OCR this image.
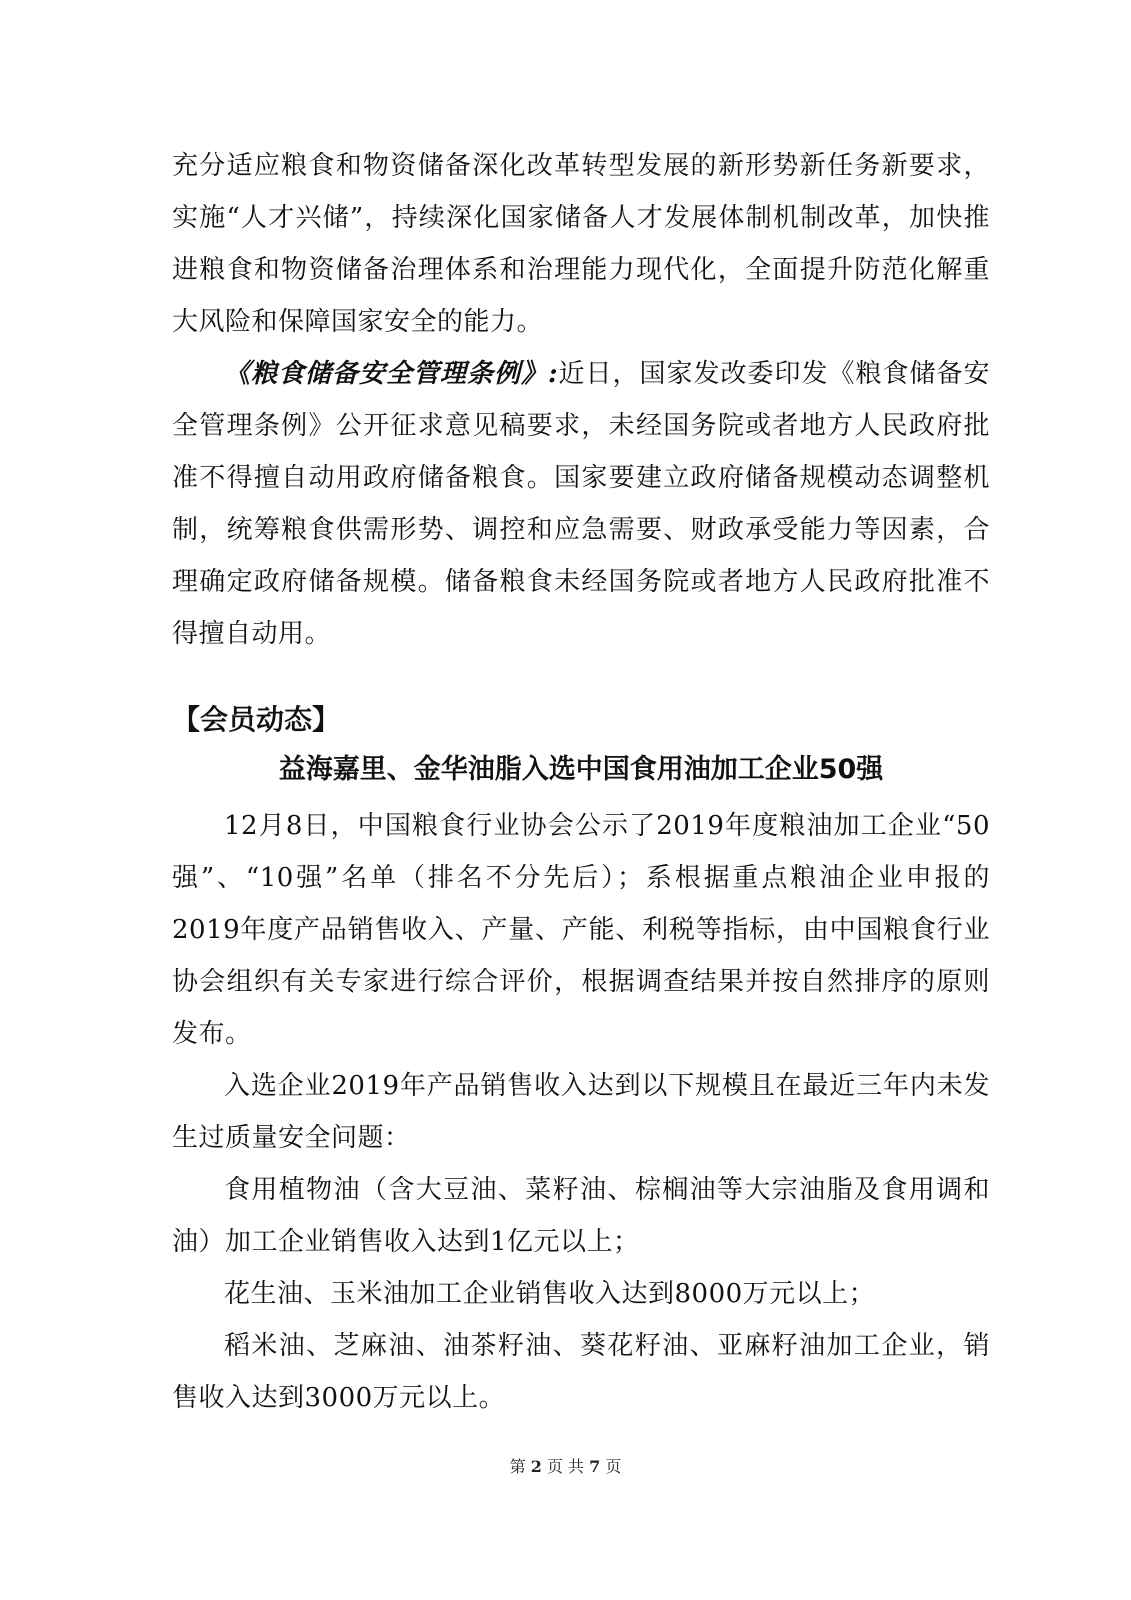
充分适应粮食和物资储备深化改革转型发展的新形势新任务新要求，实施“人才兴储”，持续深化国家储备人才发展体制机制改革，加快推进粮食和物资储备治理体系和治理能力现代化，全面提升防范化解重大风险和保障国家安全的能力。

《粮食储备安全管理条例》:近日，国家发改委印发《粮食储备安全管理条例》公开征求意见稿要求，未经国务院或者地方人民政府批准不得擅自动用政府储备粮食。国家要建立政府储备规模动态调整机制，统筹粮食供需形势、调控和应急需要、财政承受能力等因素，合理确定政府储备规模。储备粮食未经国务院或者地方人民政府批准不得擅自动用。

【会员动态】
益海嘉里、金华油脂入选中国食用油加工企业50强

12月8日，中国粮食行业协会公示了2019年度粮油加工企业“50强”、“10强”名单（排名不分先后）；系根据重点粮油企业申报的2019年度产品销售收入、产量、产能、利税等指标，由中国粮食行业协会组织有关专家进行综合评价，根据调查结果并按自然排序的原则发布。

入选企业2019年产品销售收入达到以下规模且在最近三年内未发生过质量安全问题：

食用植物油（含大豆油、菜籽油、棕榈油等大宗油脂及食用调和油）加工企业销售收入达到1亿元以上；

花生油、玉米油加工企业销售收入达到8000万元以上；

稻米油、芝麻油、油茶籽油、葵花籽油、亚麻籽油加工企业，销售收入达到3000万元以上。

第 2 页 共 7 页
